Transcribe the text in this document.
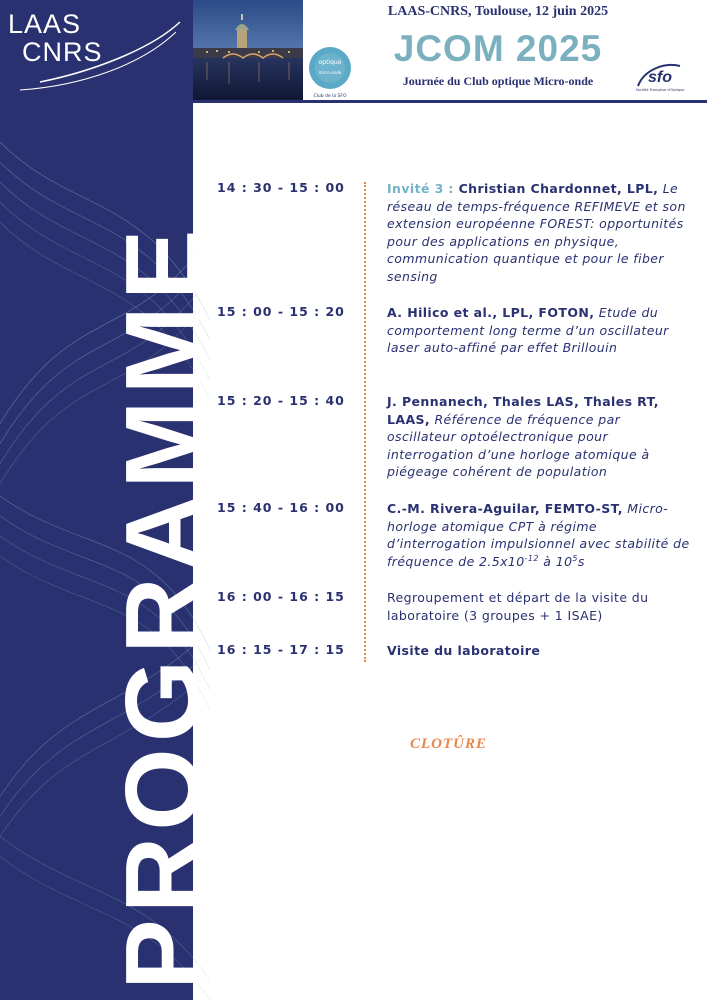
LAAS
CNRS
PROGRAMME
optique
micro-onde
Club de la SFO
LAAS-CNRS, Toulouse, 12 juin 2025
JCOM 2025
Journée du Club optique Micro-onde	sfo
Société Française d'Optique
14 : 30 - 15 : 00	Invité 3 : Christian Chardonnet, LPL, Le réseau de temps-fréquence REFIMEVE et son extension européenne FOREST: opportunités pour des applications en physique, communication quantique et pour le fiber sensing
15 : 00 - 15 : 20	A. Hilico et al., LPL, FOTON, Etude du comportement long terme d’un oscillateur laser auto-affiné par effet Brillouin
15 : 20 - 15 : 40	J. Pennanech, Thales LAS, Thales RT, LAAS, Référence de fréquence par oscillateur optoélectronique pour interrogation d’une horloge atomique à piégeage cohérent de population
15 : 40 - 16 : 00	C.-M. Rivera-Aguilar, FEMTO-ST, Micro-horloge atomique CPT à régime d’interrogation impulsionnel avec stabilité de fréquence de $2.5x10^{-12}$ à $10^5s$
16 : 00 - 16 : 15	Regroupement et départ de la visite du laboratoire (3 groupes + 1 ISAE)
16 : 15 - 17 : 15	Visite du laboratoire
CLOTÛRE
